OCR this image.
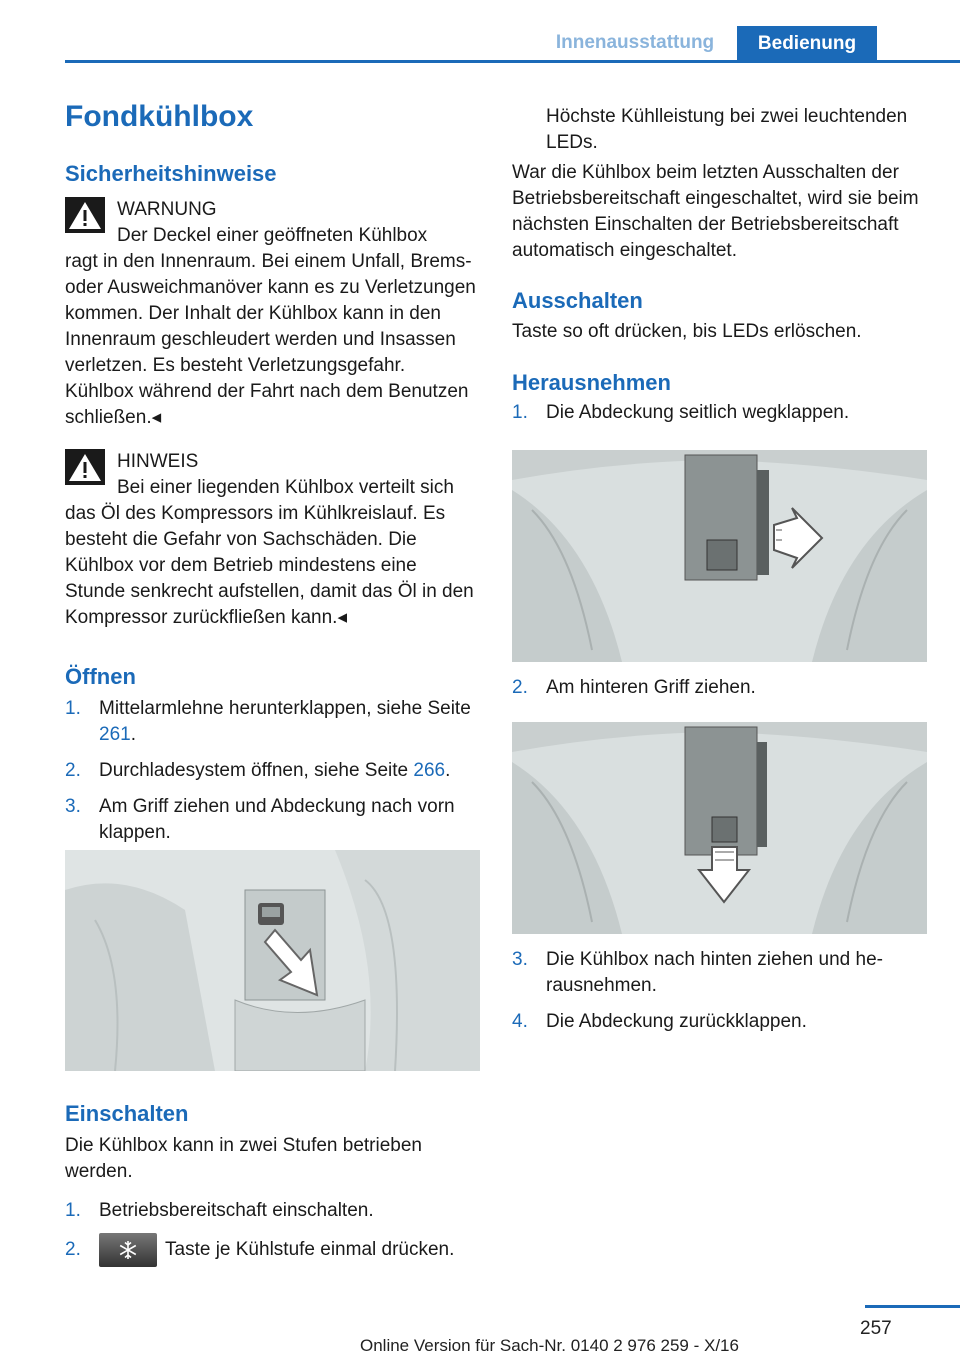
Innenausstattung	Bedienung
Fondkühlbox
Sicherheitshinweise
WARNUNG
Der Deckel einer geöffneten Kühlbox
ragt in den Innenraum. Bei einem Unfall, Brems- oder Ausweichmanöver kann es zu Verletzungen kommen. Der Inhalt der Kühlbox kann in den Innenraum geschleudert werden und Insassen verletzen. Es besteht Verletzungsgefahr. Kühlbox während der Fahrt nach dem Benutzen schließen.◂
HINWEIS
Bei einer liegenden Kühlbox verteilt sich
das Öl des Kompressors im Kühlkreislauf. Es besteht die Gefahr von Sachschäden. Die Kühlbox vor dem Betrieb mindestens eine Stunde senkrecht aufstellen, damit das Öl in den Kompressor zurückfließen kann.◂
Öffnen
1. Mittelarmlehne herunterklappen, siehe Seite 261.
2. Durchladesystem öffnen, siehe Seite 266.
3. Am Griff ziehen und Abdeckung nach vorn klappen.
Einschalten
Die Kühlbox kann in zwei Stufen betrieben werden.
1. Betriebsbereitschaft einschalten.
2.	Taste je Kühlstufe einmal drücken.
Höchste Kühlleistung bei zwei leuchtenden LEDs.
War die Kühlbox beim letzten Ausschalten der Betriebsbereitschaft eingeschaltet, wird sie beim nächsten Einschalten der Betriebsbereitschaft automatisch eingeschaltet.
Ausschalten
Taste so oft drücken, bis LEDs erlöschen.
Herausnehmen
1. Die Abdeckung seitlich wegklappen.
2. Am hinteren Griff ziehen.
3. Die Kühlbox nach hinten ziehen und herausnehmen.
4. Die Abdeckung zurückklappen.
257
Online Version für Sach-Nr. 0140 2 976 259 - X/16
